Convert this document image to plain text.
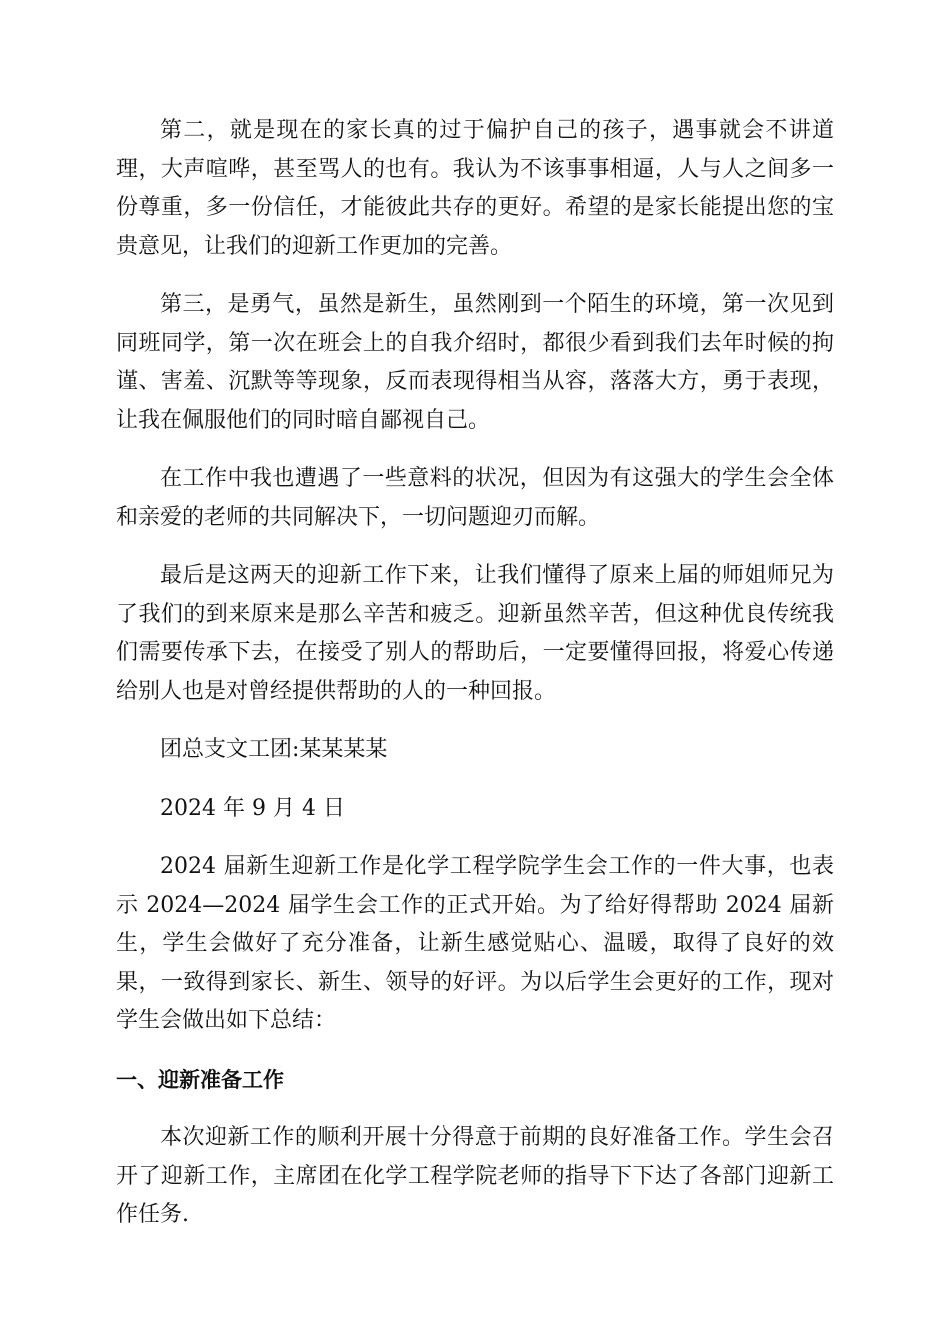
第二，就是现在的家长真的过于偏护自己的孩子，遇事就会不讲道理，大声喧哗，甚至骂人的也有。我认为不该事事相逼，人与人之间多一份尊重，多一份信任，才能彼此共存的更好。希望的是家长能提出您的宝贵意见，让我们的迎新工作更加的完善。

第三，是勇气，虽然是新生，虽然刚到一个陌生的环境，第一次见到同班同学，第一次在班会上的自我介绍时，都很少看到我们去年时候的拘谨、害羞、沉默等等现象，反而表现得相当从容，落落大方，勇于表现，让我在佩服他们的同时暗自鄙视自己。

在工作中我也遭遇了一些意料的状况，但因为有这强大的学生会全体和亲爱的老师的共同解决下，一切问题迎刃而解。

最后是这两天的迎新工作下来，让我们懂得了原来上届的师姐师兄为了我们的到来原来是那么辛苦和疲乏。迎新虽然辛苦，但这种优良传统我们需要传承下去，在接受了别人的帮助后，一定要懂得回报，将爱心传递给别人也是对曾经提供帮助的人的一种回报。

团总支文工团:某某某某

2024 年 9 月 4 日

2024 届新生迎新工作是化学工程学院学生会工作的一件大事，也表示 2024—2024 届学生会工作的正式开始。为了给好得帮助 2024 届新生，学生会做好了充分准备，让新生感觉贴心、温暖，取得了良好的效果，一致得到家长、新生、领导的好评。为以后学生会更好的工作，现对学生会做出如下总结：

一、迎新准备工作

本次迎新工作的顺利开展十分得意于前期的良好准备工作。学生会召开了迎新工作，主席团在化学工程学院老师的指导下下达了各部门迎新工作任务.
